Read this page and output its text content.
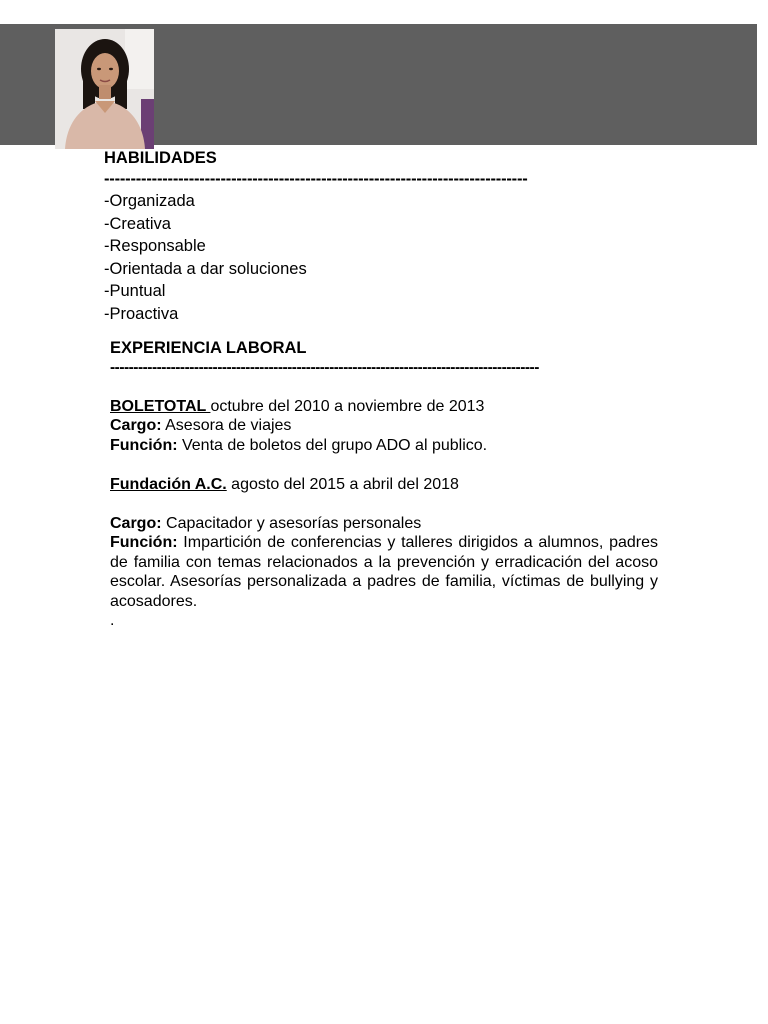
HABILIDADES
--------------------------------------------------------------------------------
-Organizada
-Creativa
-Responsable
-Orientada a dar soluciones
-Puntual
-Proactiva
EXPERIENCIA LABORAL
--------------------------------------------------------------------------------------------
BOLETOTAL octubre del 2010 a noviembre de 2013
Cargo: Asesora de viajes
Función: Venta de boletos del grupo ADO al publico.
Fundación A.C. agosto del 2015 a abril del 2018
Cargo: Capacitador y asesorías personales
Función: Impartición de conferencias y talleres dirigidos a alumnos, padres de familia con temas relacionados a la prevención y erradicación del acoso escolar. Asesorías personalizada a padres de familia, víctimas de bullying y acosadores.
.
